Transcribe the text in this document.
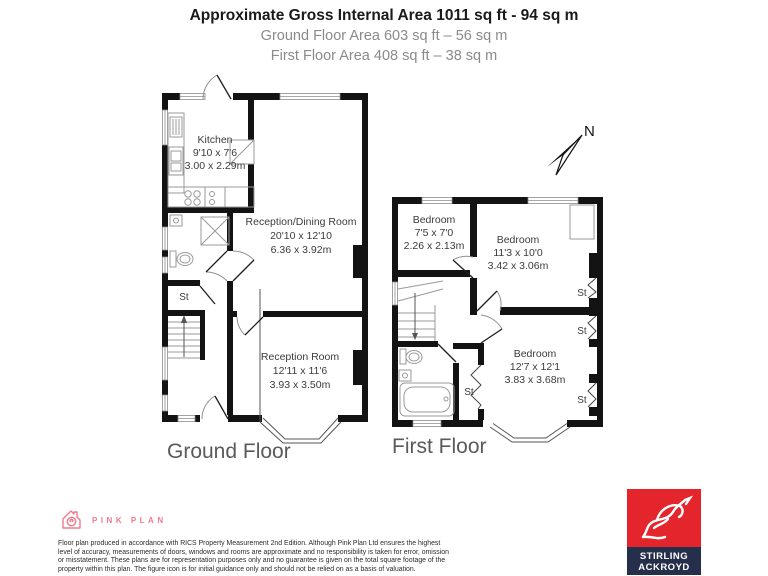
Approximate Gross Internal Area 1011 sq ft - 94 sq m
Ground Floor Area 603 sq ft – 56 sq m
First Floor Area 408 sq ft – 38 sq m
Kitchen
9'10 x 7'6
3.00 x 2.29m
Reception/Dining Room
20'10 x 12'10
6.36 x 3.92m
Reception Room
12'11 x 11'6
3.93 x 3.50m
St
Ground Floor
Bedroom
7'5 x 7'0
2.26 x 2.13m	Bedroom
11'3 x 10'0
3.42 x 3.06m
Bedroom
12'7 x 12'1
3.83 x 3.68m
St
St
St
St
First Floor
N
PINK PLAN
Floor plan produced in accordance with RICS Property Measurement 2nd Edition. Although Pink Plan Ltd ensures the highest
level of accuracy, measurements of doors, windows and rooms are approximate and no responsibility is taken for error, omission
or misstatement. These plans are for representation purposes only and no guarantee is given on the total square footage of the
property within this plan. The figure icon is for initial guidance only and should not be relied on as a basis of valuation.
STIRLING
ACKROYD
